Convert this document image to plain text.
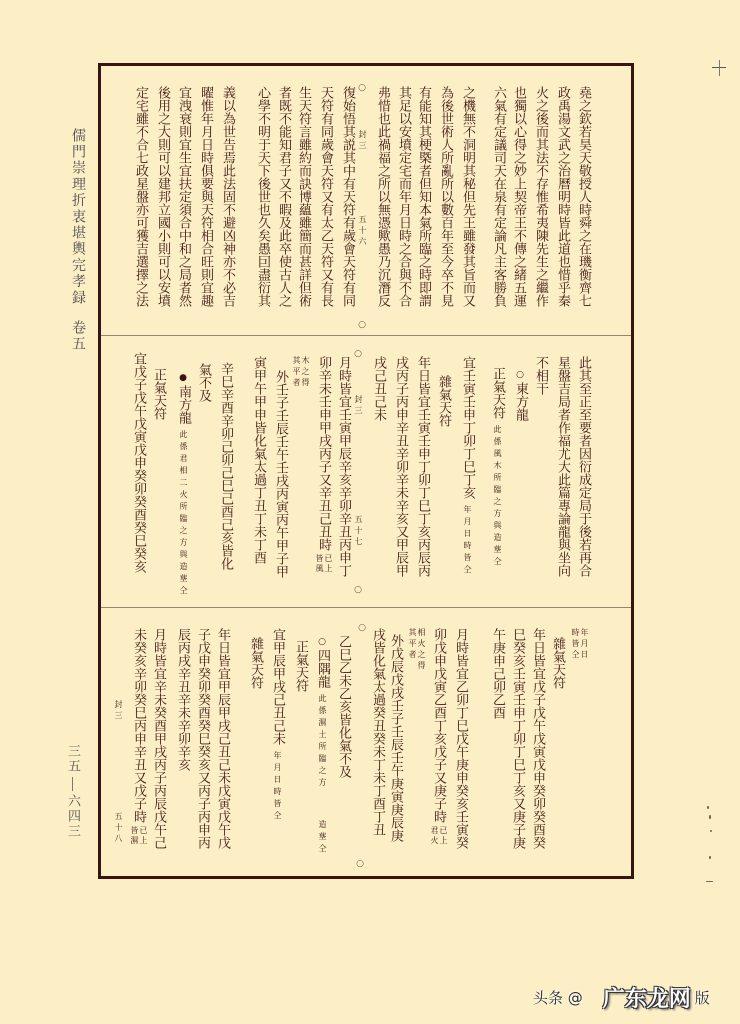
儒門崇理折衷堪輿完孝録卷五
三五六四三
堯之欽若昊天敬授人時舜之在璣衡齊七
政禹湯文武之治曆明時皆此道也惜乎秦
火之後而其法不存惟希夷陳先生之繼作
也獨以心得之妙上契帝王不傳之緒五運
六氣有定議司天在泉有定論凡主客勝負
之機無不洞明其秘但先王雖發其旨而又
為後世術人所亂所以數百年至今卒不見
有能知其梗槩者但知本氣所臨之時即謂
其足以安墳定宅而年月日時之合與不合
弗惜也此禍福之所以無憑歟愚乃沉潛反
○
封三
五十六
○
復始悟其説其中有天符有歲會天符有同
天符有同歲會天符又有太乙天符又有長
生天符言雖約而訣博蘊雖簡而甚詳但術
者既不能知君子又不暇及此卒使古人之
心學不明于天下後世也久矣愚囙盡衍其
義以為世告焉此法固不避凶神亦不必吉
曜惟年月日時俱要與天符相合旺則宜趣
宜洩衰則宜生宜扶定須合中和之局者然
後用之大則可以建邦立國小則可以安墳
定宅雖不合七政星盤亦可獲吉選擇之法
此其至正至要者因衍成定局于後若再合
星盤吉局者作福尤大此篇專論龍與坐向
不相干
○東方龍
正氣天符此係風木所臨之方與造塟仝
宜壬寅壬申丁卯丁巳丁亥年月日時皆仝
雜氣天符
年日皆宜壬寅壬申丁卯丁巳丁亥丙辰丙
戌丙子丙申辛丑辛卯辛未辛亥又甲辰甲
戌己丑己未
○
封三
五十七
○
月時皆宜壬寅甲辰辛亥辛卯辛丑丙申丁
卯辛未壬申甲戌丙子又辛丑己丑時已上皆風
木之得其平者
外壬子壬辰壬午壬戌丙寅丙午甲子甲
寅甲午甲申皆化氣太過丁丑丁未丁酉
辛巳辛酉辛卯己卯己巳己酉己亥皆化
氣不及
●南方龍此係君相二火所臨之方與造塟仝
正氣天符
宜戊子戊午戊寅戊申癸卯癸酉癸巳癸亥
年月日時皆仝
雜氣天符
年日皆宜戊子戊午戊寅戊申癸卯癸酉癸
巳癸亥壬寅壬申丁卯丁巳丁亥又庚子庚
午庚申己卯乙酉
月時皆宜乙卯丁巳戊午庚申癸亥壬寅癸
卯戊申戊寅乙酉丁亥戊子又庚子時已上君火
相火之得其平者
外戊辰戊戌壬子壬辰壬午庚寅庚辰庚
戌皆化氣太過癸丑癸未丁未丁酉丁丑
○
○
乙巳乙未乙亥皆化氣不及
○四隅龍此係濕土所臨之方造塟仝
正氣天符
宜甲辰甲戌己丑己未年月日時皆仝
雜氣天符
年日皆宜甲辰甲戌己丑己未戊寅戊午戊
子戊申癸卯癸酉癸巳癸亥又丙子丙申丙
辰丙戌辛丑辛未辛卯辛亥
月時皆宜辛未癸酉甲戌丙子丙辰戊午己
未癸亥辛卯癸巳丙申辛丑又戊子時已上皆濕
封三
五十八
头条 @ 广东龙网 版
